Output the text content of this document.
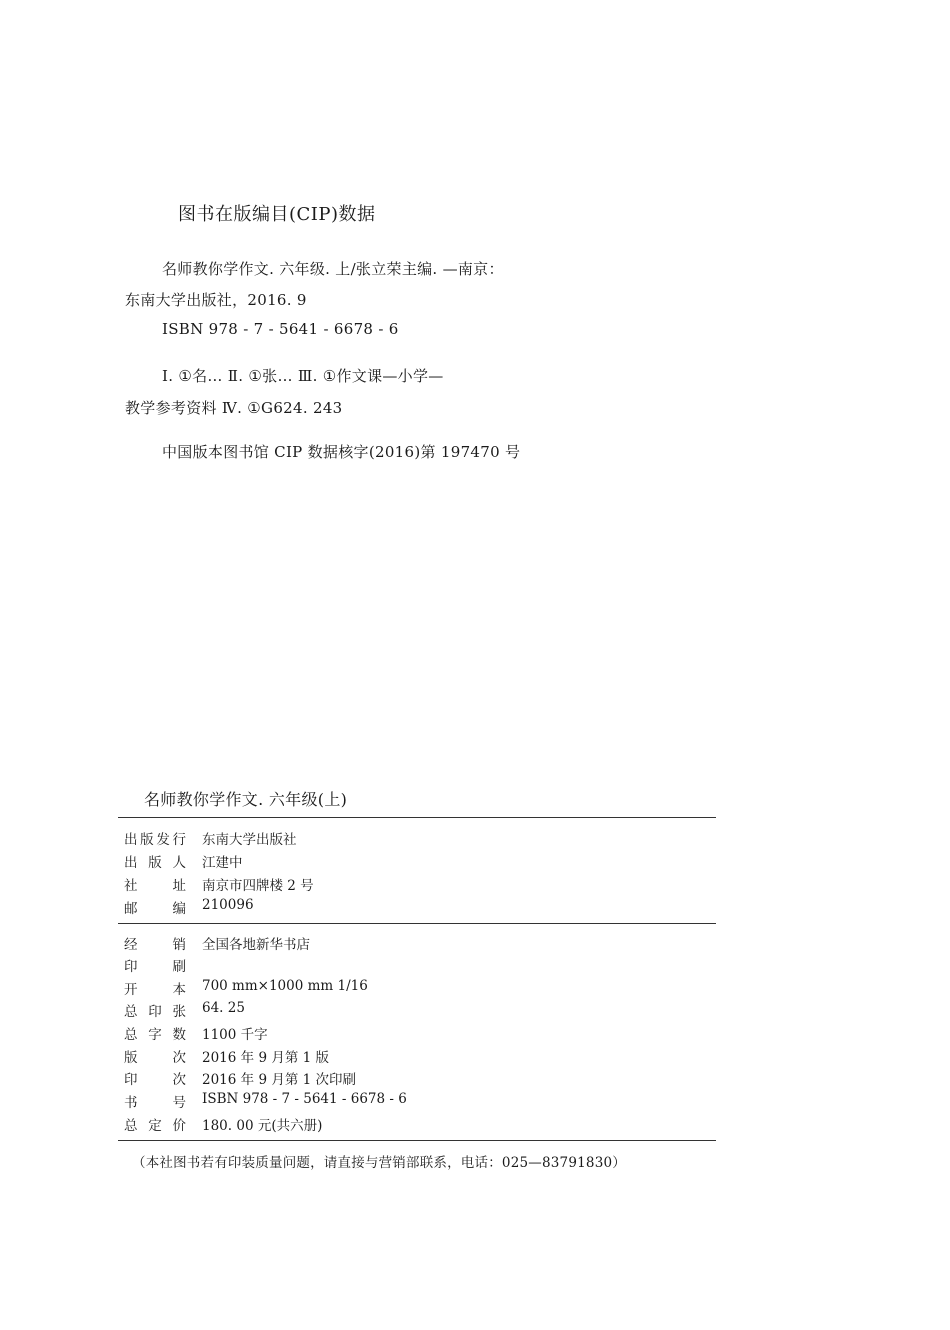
图书在版编目(CIP)数据
名师教你学作文. 六年级. 上/张立荣主编. —南京：
东南大学出版社，2016. 9
ISBN 978 - 7 - 5641 - 6678 - 6
Ⅰ. ①名… Ⅱ. ①张… Ⅲ. ①作文课—小学—
教学参考资料 Ⅳ. ①G624. 243
中国版本图书馆 CIP 数据核字(2016)第 197470 号
名师教你学作文. 六年级(上)
出 版 发 行 东南大学出版社
出 版 人 江建中
社	址 南京市四牌楼 2 号
邮	编 210096
经	销 全国各地新华书店
印	刷
开	本 700 mm×1000 mm 1/16
总 印 张 64. 25
总 字 数 1100 千字
版	次 2016 年 9 月第 1 版
印	次 2016 年 9 月第 1 次印刷
书	号 ISBN 978 - 7 - 5641 - 6678 - 6
总 定 价 180. 00 元(共六册)
（本社图书若有印装质量问题，请直接与营销部联系，电话：025—83791830）
